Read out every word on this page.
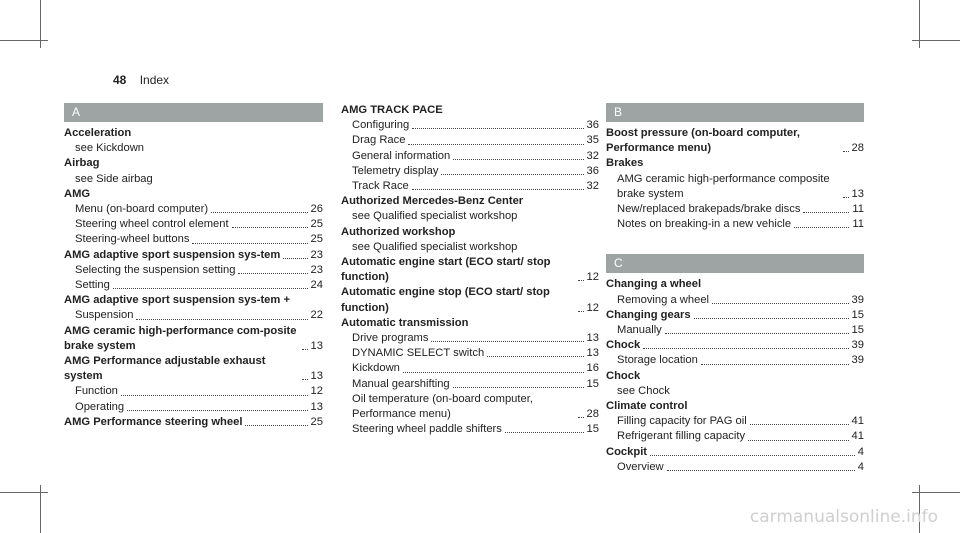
48 Index
A
Acceleration
see Kickdown
Airbag
see Side airbag
AMG
Menu (on-board computer)	26
Steering wheel control element	25
Steering-wheel buttons	25
AMG adaptive sport suspension sys-tem	23
Selecting the suspension setting	23
Setting	24
AMG adaptive sport suspension sys-tem +
Suspension	22
AMG ceramic high-performance com-posite brake system	13
AMG Performance adjustable exhaust system	13
Function	12
Operating	13
AMG Performance steering wheel	25
AMG TRACK PACE
Configuring	36
Drag Race	35
General information	32
Telemetry display	36
Track Race	32
Authorized Mercedes-Benz Center
see Qualified specialist workshop
Authorized workshop
see Qualified specialist workshop
Automatic engine start (ECO start/ stop function)	12
Automatic engine stop (ECO start/ stop function)	12
Automatic transmission
Drive programs	13
DYNAMIC SELECT switch	13
Kickdown	16
Manual gearshifting	15
Oil temperature (on-board computer, Performance menu)	28
Steering wheel paddle shifters	15
B
Boost pressure (on-board computer, Performance menu)	28
Brakes
AMG ceramic high-performance composite brake system	13
New/replaced brakepads/brake discs	11
Notes on breaking-in a new vehicle	11
C
Changing a wheel
Removing a wheel	39
Changing gears	15
Manually	15
Chock	39
Storage location	39
Chock
see Chock
Climate control
Filling capacity for PAG oil	41
Refrigerant filling capacity	41
Cockpit	4
Overview	4
carmanualsonline.info
